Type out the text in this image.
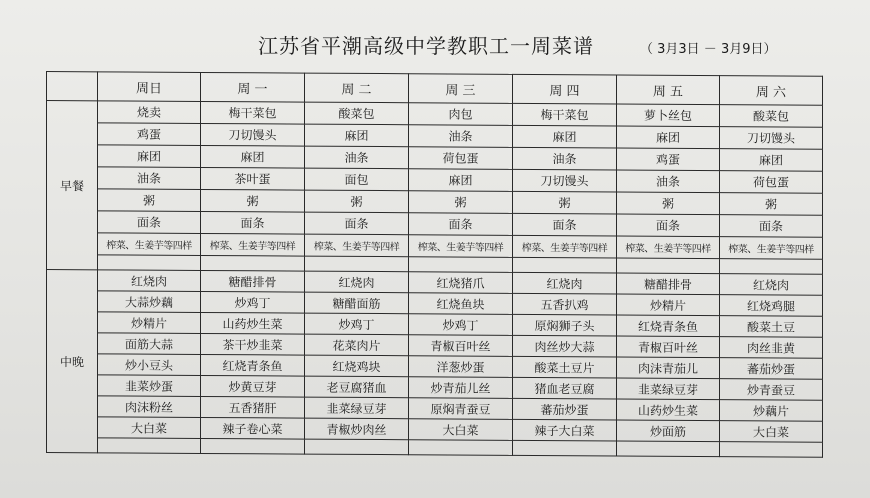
江苏省平潮高级中学教职工一周菜谱	（ 3月3日 － 3月9日）
	周日	周 一	周 二	周 三	周 四	周 五	周 六
早餐	烧卖	梅干菜包	酸菜包	肉包	梅干菜包	萝卜丝包	酸菜包
	鸡蛋	刀切馒头	麻团	油条	麻团	麻团	刀切馒头
	麻团	麻团	油条	荷包蛋	油条	鸡蛋	麻团
	油条	茶叶蛋	面包	麻团	刀切馒头	油条	荷包蛋
	粥	粥	粥	粥	粥	粥	粥
	面条	面条	面条	面条	面条	面条	面条
	榨菜、生姜芋等四样	榨菜、生姜芋等四样	榨菜、生姜芋等四样	榨菜、生姜芋等四样	榨菜、生姜芋等四样	榨菜、生姜芋等四样	榨菜、生姜芋等四样

中晚	红烧肉	糖醋排骨	红烧肉	红烧猪爪	红烧肉	糖醋排骨	红烧肉
	大蒜炒藕	炒鸡丁	糖醋面筋	红烧鱼块	五香扒鸡	炒精片	红烧鸡腿
	炒精片	山药炒生菜	炒鸡丁	炒鸡丁	原焖狮子头	红烧青条鱼	酸菜土豆
	面筋大蒜	茶干炒韭菜	花菜肉片	青椒百叶丝	肉丝炒大蒜	青椒百叶丝	肉丝韭黄
	炒小豆头	红烧青条鱼	红烧鸡块	洋葱炒蛋	酸菜土豆片	肉沫青茄儿	蕃茄炒蛋
	韭菜炒蛋	炒黄豆芽	老豆腐猪血	炒青茄儿丝	猪血老豆腐	韭菜绿豆芽	炒青蚕豆
	肉沫粉丝	五香猪肝	韭菜绿豆芽	原焖青蚕豆	蕃茄炒蛋	山药炒生菜	炒藕片
	大白菜	辣子卷心菜	青椒炒肉丝	大白菜	辣子大白菜	炒面筋	大白菜
